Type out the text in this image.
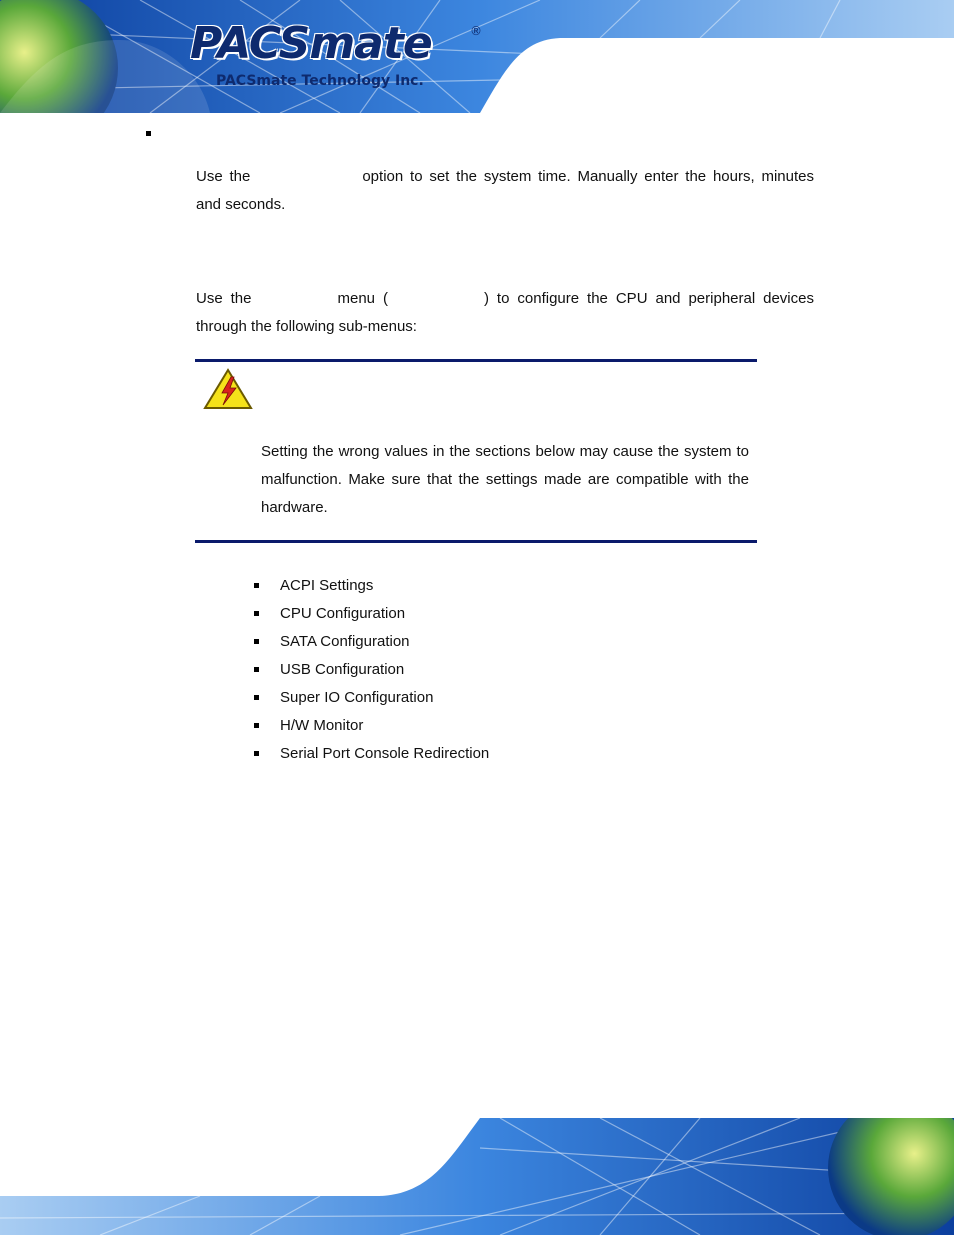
PACSmate	®
PACSmate Technology Inc.

Use the	option to set the system time. Manually enter the hours, minutes and seconds.

Use the	menu (	) to configure the CPU and peripheral devices through the following sub-menus:

Setting the wrong values in the sections below may cause the system to malfunction. Make sure that the settings made are compatible with the hardware.

ACPI Settings
CPU Configuration
SATA Configuration
USB Configuration
Super IO Configuration
H/W Monitor
Serial Port Console Redirection
